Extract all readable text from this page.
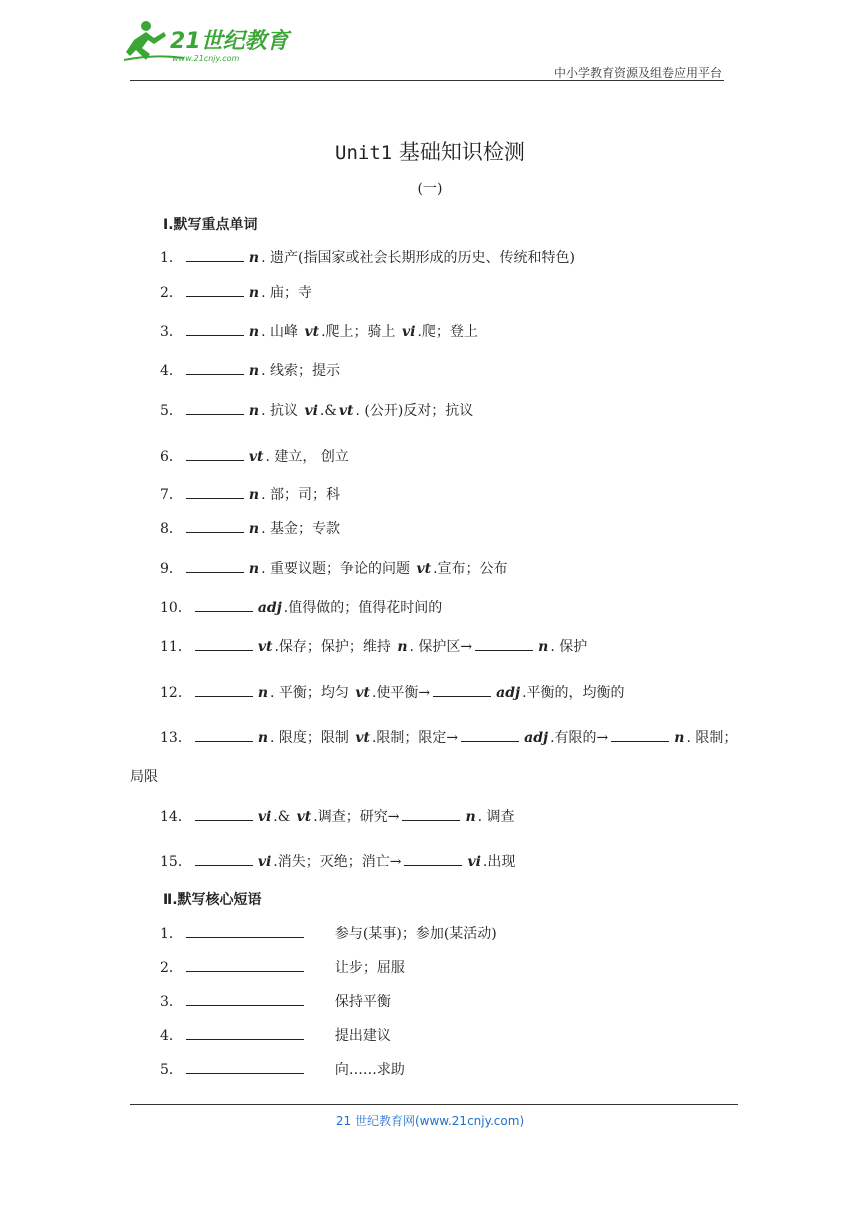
21世纪教育
www.21cnjy.com
中小学教育资源及组卷应用平台
Unit1 基础知识检测
(一)
Ⅰ.默写重点单词
1．	n . 遗产(指国家或社会长期形成的历史、传统和特色)
2．	n . 庙；寺
3．	n . 山峰 vt .爬上；骑上 vi .爬；登上
4．	n . 线索；提示
5．	n . 抗议 vi .& vt . (公开)反对；抗议
6．	vt . 建立， 创立
7．	n . 部；司；科
8．	n . 基金；专款
9．	n . 重要议题；争论的问题 vt .宣布；公布
10．	adj .值得做的；值得花时间的
11．	vt .保存；保护；维持 n . 保护区→	n . 保护
12．	n . 平衡；均匀 vt .使平衡→	adj .平衡的，均衡的
13．	n . 限度；限制 vt .限制；限定→	adj .有限的→	n . 限制；
14．	vi .& vt .调查；研究→	n . 调查
15．	vi .消失；灭绝；消亡→	vi .出现
局限
Ⅱ.默写核心短语
1．	参与(某事)；参加(某活动)
2．	让步；屈服
3．	保持平衡
4．	提出建议
5．	向……求助
21 世纪教育网(www.21cnjy.com)
